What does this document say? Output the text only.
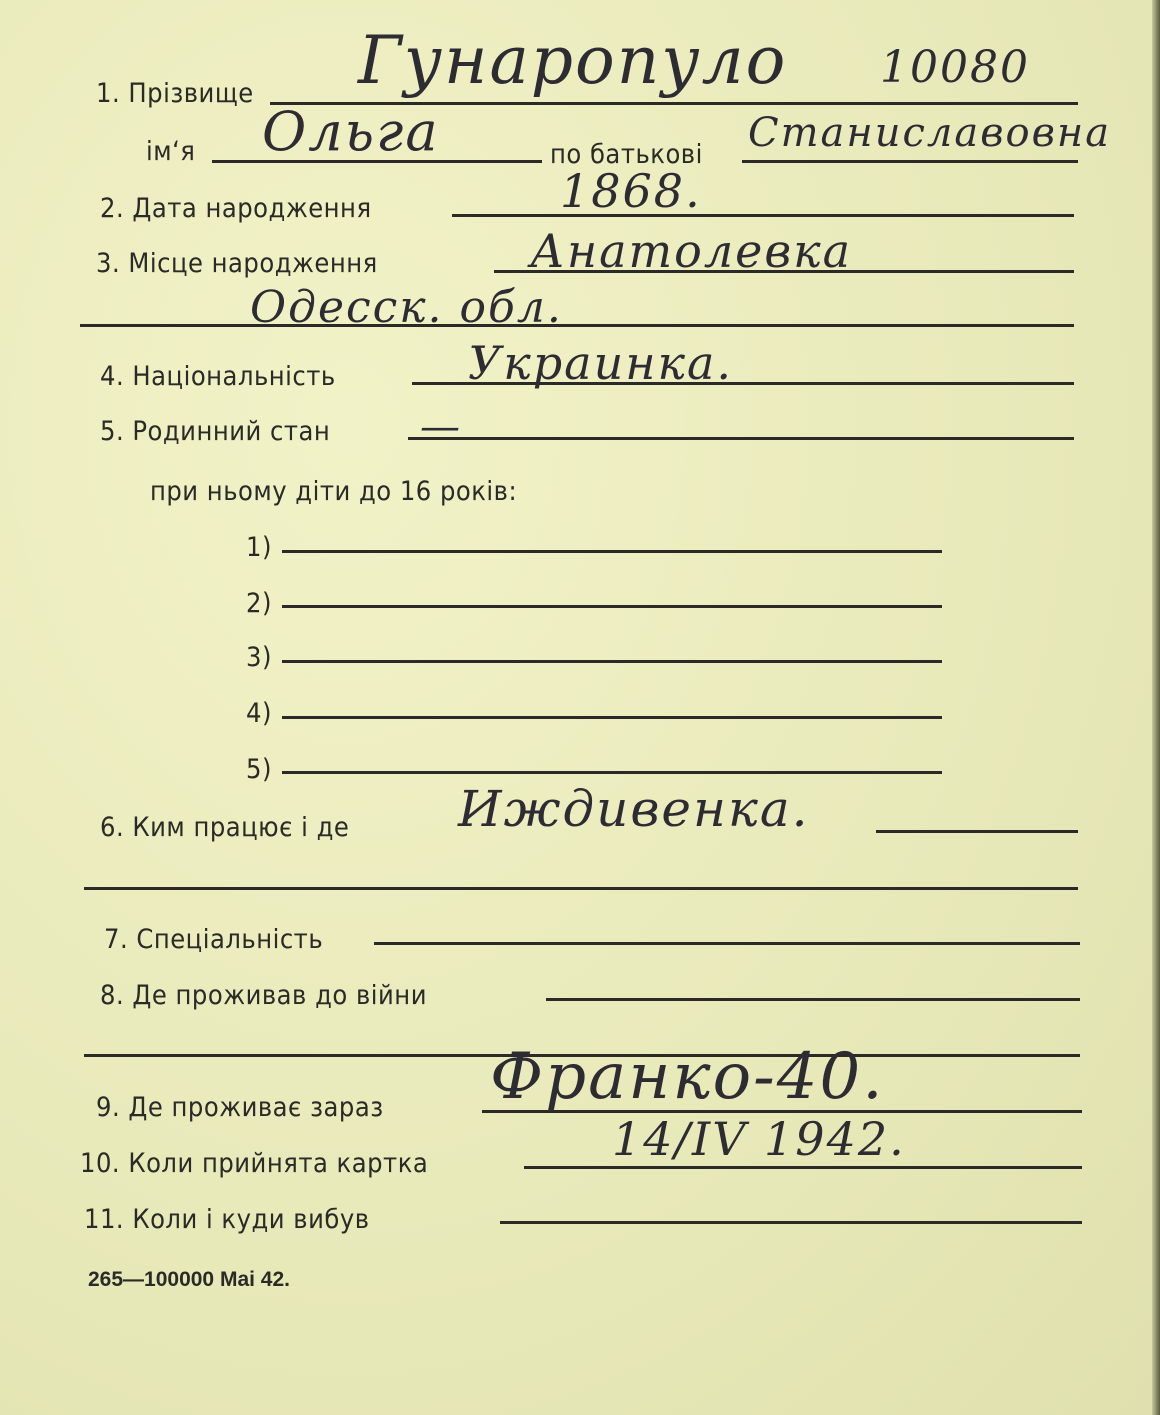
1. Прізвище Гунаропуло 10080
ім‘я Ольга	по батькові Станиславовна
2. Дата народження	1868.
3. Місце народження	Анатолевка
Одесск. обл.
4. Національність	Украинка.
5. Родинний стан —
при ньому діти до 16 років:
1)
2)
3)
4)
5)
6. Ким працює і де Иждивенка.
7. Спеціальність
8. Де проживав до війни
9. Де проживає зараз Франко-40.
10. Коли прийнята картка	14/IV 1942.
11. Коли і куди вибув
265—100000 Mai 42.
